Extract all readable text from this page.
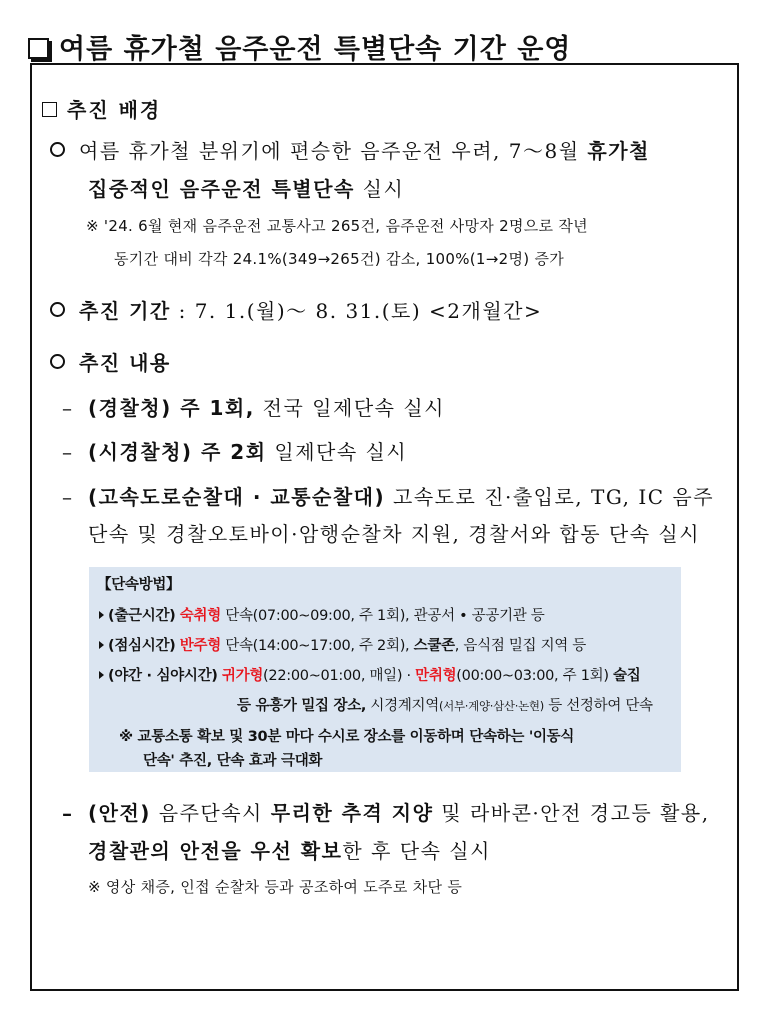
여름 휴가철 음주운전 특별단속 기간 운영
추진 배경
여름 휴가철 분위기에 편승한 음주운전 우려, 7～8월 휴가철
집중적인 음주운전 특별단속 실시
※ '24. 6월 현재 음주운전 교통사고 265건, 음주운전 사망자 2명으로 작년
동기간 대비 각각 24.1%(349→265건) 감소, 100%(1→2명) 증가
추진 기간 : 7. 1.(월)～ 8. 31.(토) <2개월간>
추진 내용
– (경찰청) 주 1회, 전국 일제단속 실시
– (시경찰청) 주 2회 일제단속 실시
– (고속도로순찰대 · 교통순찰대) 고속도로 진·출입로, TG, IC 음주
단속 및 경찰오토바이·암행순찰차 지원, 경찰서와 합동 단속 실시
【단속방법】
(출근시간) 숙취형 단속(07:00~09:00, 주 1회), 관공서 • 공공기관 등
(점심시간) 반주형 단속(14:00~17:00, 주 2회), 스쿨존, 음식점 밀집 지역 등
(야간 · 심야시간) 귀가형(22:00~01:00, 매일) · 만취형(00:00~03:00, 주 1회) 술집
등 유흥가 밀집 장소, 시경계지역(서부·계양·삼산·논현) 등 선정하여 단속
※ 교통소통 확보 및 30분 마다 수시로 장소를 이동하며 단속하는 '이동식
단속' 추진, 단속 효과 극대화
– (안전) 음주단속시 무리한 추격 지양 및 라바콘·안전 경고등 활용,
경찰관의 안전을 우선 확보한 후 단속 실시
※ 영상 채증, 인접 순찰차 등과 공조하여 도주로 차단 등
